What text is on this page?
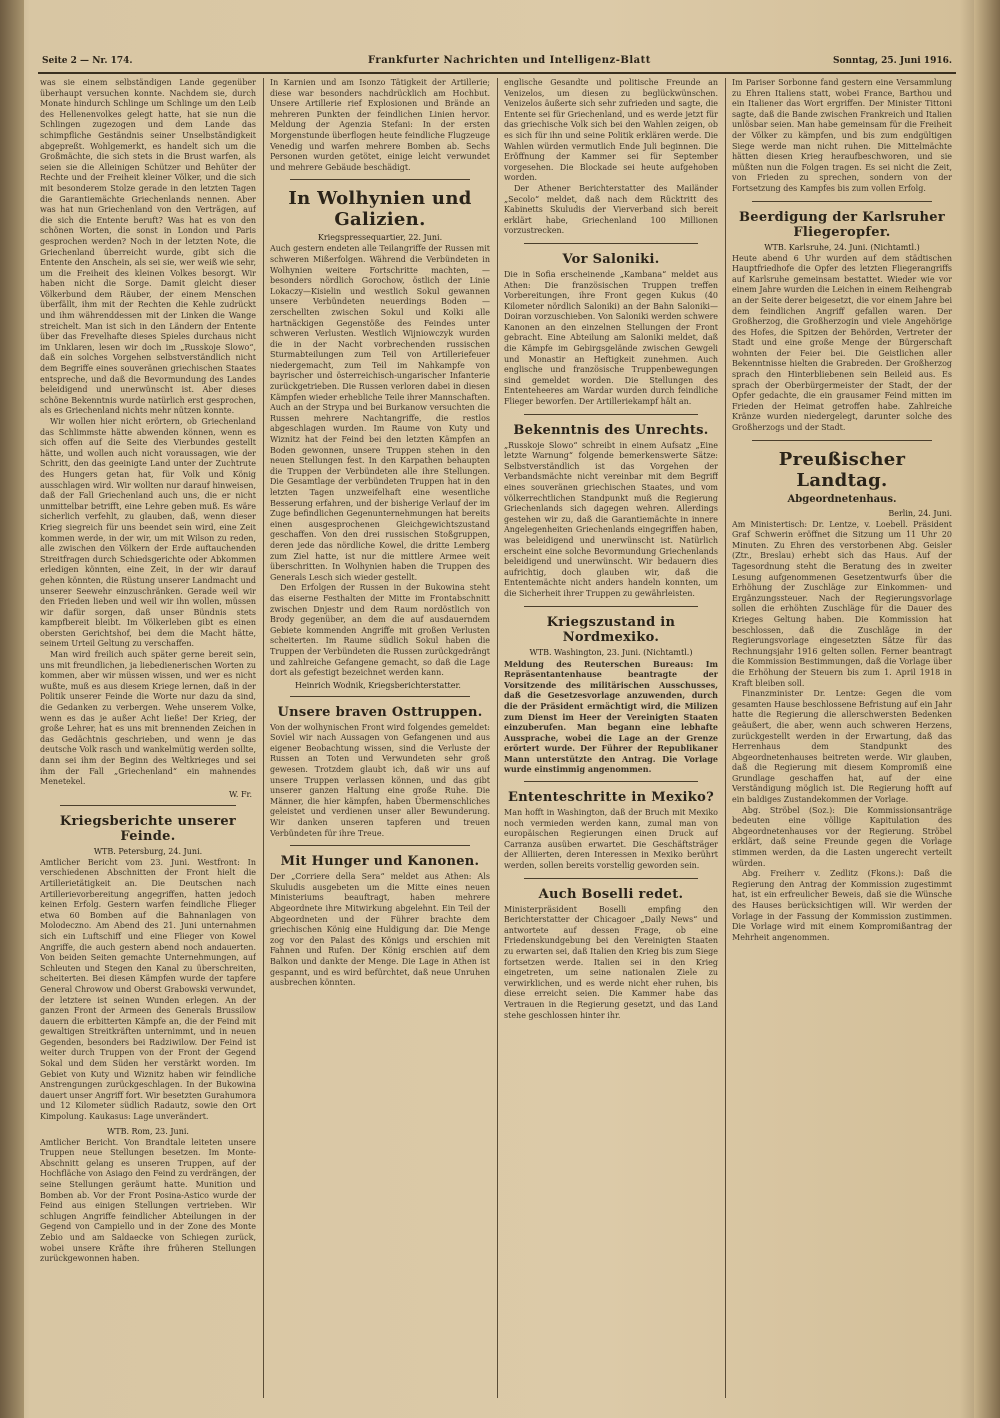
Seite 2 — Nr. 174.	Frankfurter Nachrichten und Intelligenz-Blatt	Sonntag, 25. Juni 1916.

was sie einem selbständigen Lande gegenüber überhaupt versuchen konnte. Nachdem sie, durch Monate hindurch Schlinge um Schlinge um den Leib des Hellenenvolkes gelegt hatte, hat sie nun die Schlingen zugezogen und dem Lande das schimpfliche Geständnis seiner Unselbständigkeit abgepreßt. Wohlgemerkt, es handelt sich um die Großmächte, die sich stets in die Brust warfen, als seien sie die Alleinigen Schützer und Behüter der Rechte und der Freiheit kleiner Völker, und die sich mit besonderem Stolze gerade in den letzten Tagen die Garantiemächte Griechenlands nennen. Aber was hat nun Griechenland von den Verträgen, auf die sich die Entente beruft? Was hat es von den schönen Worten, die sonst in London und Paris gesprochen werden? Noch in der letzten Note, die Griechenland überreicht wurde, gibt sich die Entente den Anschein, als sei sie, wer weiß wie sehr, um die Freiheit des kleinen Volkes besorgt. Wir haben nicht die Sorge. Damit gleicht dieser Völkerbund dem Räuber, der einem Menschen überfällt, ihm mit der Rechten die Kehle zudrückt und ihm währenddessen mit der Linken die Wange streichelt. Man ist sich in den Ländern der Entente über das Frevelhafte dieses Spieles durchaus nicht im Unklaren, lesen wir doch im „Russkoje Slowo“, daß ein solches Vorgehen selbstverständlich nicht dem Begriffe eines souveränen griechischen Staates entspreche, und daß die Bevormundung des Landes beleidigend und unerwünscht ist. Aber dieses schöne Bekenntnis wurde natürlich erst gesprochen, als es Griechenland nichts mehr nützen konnte.

Wir wollen hier nicht erörtern, ob Griechenland das Schlimmste hätte abwenden können, wenn es sich offen auf die Seite des Vierbundes gestellt hätte, und wollen auch nicht voraussagen, wie der Schritt, den das geeinigte Land unter der Zuchtrute des Hungers getan hat, für Volk und König ausschlagen wird. Wir wollten nur darauf hinweisen, daß der Fall Griechenland auch uns, die er nicht unmittelbar betrifft, eine Lehre geben muß. Es wäre sicherlich verfehlt, zu glauben, daß, wenn dieser Krieg siegreich für uns beendet sein wird, eine Zeit kommen werde, in der wir, um mit Wilson zu reden, alle zwischen den Völkern der Erde auftauchenden Streitfragen durch Schiedsgerichte oder Abkommen erledigen könnten, eine Zeit, in der wir darauf gehen könnten, die Rüstung unserer Landmacht und unserer Seewehr einzuschränken. Gerade weil wir den Frieden lieben und weil wir ihn wollen, müssen wir dafür sorgen, daß unser Bündnis stets kampfbereit bleibt. Im Völkerleben gibt es einen obersten Gerichtshof, bei dem die Macht hätte, seinem Urteil Geltung zu verschaffen.

Man wird freilich auch später gerne bereit sein, uns mit freundlichen, ja liebedienerischen Worten zu kommen, aber wir müssen wissen, und wer es nicht wußte, muß es aus diesem Kriege lernen, daß in der Politik unserer Feinde die Worte nur dazu da sind, die Gedanken zu verbergen. Wehe unserem Volke, wenn es das je außer Acht ließe! Der Krieg, der große Lehrer, hat es uns mit brennenden Zeichen in das Gedächtnis geschrieben, und wenn je das deutsche Volk rasch und wankelmütig werden sollte, dann sei ihm der Beginn des Weltkrieges und sei ihm der Fall „Griechenland“ ein mahnendes Menetekel.

W. Fr.
Kriegsberichte unserer Feinde.
WTB. Petersburg, 24. Juni.

Amtlicher Bericht vom 23. Juni. Westfront: In verschiedenen Abschnitten der Front hielt die Artillerietätigkeit an. Die Deutschen nach Artillerievorbereitung angegriffen, hatten jedoch keinen Erfolg. Gestern warfen feindliche Flieger etwa 60 Bomben auf die Bahnanlagen von Molodeczno. Am Abend des 21. Juni unternahmen sich ein Luftschiff und eine Flieger von Kowel Angriffe, die auch gestern abend noch andauerten. Von beiden Seiten gemachte Unternehmungen, auf Schleuten und Stegen den Kanal zu überschreiten, scheiterten. Bei diesen Kämpfen wurde der tapfere General Chrowow und Oberst Grabowski verwundet, der letztere ist seinen Wunden erlegen. An der ganzen Front der Armeen des Generals Brussilow dauern die erbitterten Kämpfe an, die der Feind mit gewaltigen Streitkräften unternimmt, und in neuen Gegenden, besonders bei Radziwilow. Der Feind ist weiter durch Truppen von der Front der Gegend Sokal und dem Süden her verstärkt worden. Im Gebiet von Kuty und Wiznitz haben wir feindliche Anstrengungen zurückgeschlagen. In der Bukowina dauert unser Angriff fort. Wir besetzten Gurahumora und 12 Kilometer südlich Radautz, sowie den Ort Kimpolung. Kaukasus: Lage unverändert.

WTB. Rom, 23. Juni.

Amtlicher Bericht. Von Brandtale leiteten unsere Truppen neue Stellungen besetzen. Im Monte-Abschnitt gelang es unseren Truppen, auf der Hochfläche von Asiago den Feind zu verdrängen, der seine Stellungen geräumt hatte. Munition und Bomben ab. Vor der Front Posina-Astico wurde der Feind aus einigen Stellungen vertrieben. Wir schlugen Angriffe feindlicher Abteilungen in der Gegend von Campiello und in der Zone des Monte Zebio und am Saldaecke von Schiegen zurück, wobei unsere Kräfte ihre früheren Stellungen zurückgewonnen haben.

In Karnien und am Isonzo Tätigkeit der Artillerie; diese war besonders nachdrücklich am Hochbut. Unsere Artillerie rief Explosionen und Brände an mehreren Punkten der feindlichen Linien hervor. Meldung der Agenzia Stefani: In der ersten Morgenstunde überflogen heute feindliche Flugzeuge Venedig und warfen mehrere Bomben ab. Sechs Personen wurden getötet, einige leicht verwundet und mehrere Gebäude beschädigt.

In Wolhynien und Galizien.
Kriegspressequartier, 22. Juni.

Auch gestern endeten alle Teilangriffe der Russen mit schweren Mißerfolgen. Während die Verbündeten in Wolhynien weitere Fortschritte machten, — besonders nördlich Gorochow, östlich der Linie Lokaczy—Kisielin und westlich Sokul gewannen unsere Verbündeten neuerdings Boden — zerschellten zwischen Sokul und Kolki alle hartnäckigen Gegenstöße des Feindes unter schweren Verlusten. Westlich Wijniowczyk wurden die in der Nacht vorbrechenden russischen Sturmabteilungen zum Teil von Artilleriefeuer niedergemacht, zum Teil im Nahkampfe von bayrischer und österreichisch-ungarischer Infanterie zurückgetrieben. Die Russen verloren dabei in diesen Kämpfen wieder erhebliche Teile ihrer Mannschaften. Auch an der Strypa und bei Burkanow versuchten die Russen mehrere Nachtangriffe, die restlos abgeschlagen wurden. Im Raume von Kuty und Wiznitz hat der Feind bei den letzten Kämpfen an Boden gewonnen, unsere Truppen stehen in den neuen Stellungen fest. In den Karpathen behaupten die Truppen der Verbündeten alle ihre Stellungen. Die Gesamtlage der verbündeten Truppen hat in den letzten Tagen unzweifelhaft eine wesentliche Besserung erfahren, und der bisherige Verlauf der im Zuge befindlichen Gegenunternehmungen hat bereits einen ausgesprochenen Gleichgewichtszustand geschaffen. Von den drei russischen Stoßgruppen, deren jede das nördliche Kowel, die dritte Lemberg zum Ziel hatte, ist nur die mittlere Armee weit überschritten. In Wolhynien haben die Truppen des Generals Lesch sich wieder gestellt.

Den Erfolgen der Russen in der Bukowina steht das eiserne Festhalten der Mitte im Frontabschnitt zwischen Dnjestr und dem Raum nordöstlich von Brody gegenüber, an dem die auf ausdauerndem Gebiete kommenden Angriffe mit großen Verlusten scheiterten. Im Raume südlich Sokul haben die Truppen der Verbündeten die Russen zurückgedrängt und zahlreiche Gefangene gemacht, so daß die Lage dort als gefestigt bezeichnet werden kann.

Heinrich Wodnik, Kriegsberichterstatter.
Unsere braven Osttruppen.

Von der wolhynischen Front wird folgendes gemeldet: Soviel wir nach Aussagen von Gefangenen und aus eigener Beobachtung wissen, sind die Verluste der Russen an Toten und Verwundeten sehr groß gewesen. Trotzdem glaubt ich, daß wir uns auf unsere Truppen verlassen können, und das gibt unserer ganzen Haltung eine große Ruhe. Die Männer, die hier kämpfen, haben Übermenschliches geleistet und verdienen unser aller Bewunderung. Wir danken unseren tapferen und treuen Verbündeten für ihre Treue.

Mit Hunger und Kanonen.

Der „Corriere della Sera“ meldet aus Athen: Als Skuludis ausgebeten um die Mitte eines neuen Ministeriums beauftragt, haben mehrere Abgeordnete ihre Mitwirkung abgelehnt. Ein Teil der Abgeordneten und der Führer brachte dem griechischen König eine Huldigung dar. Die Menge zog vor den Palast des Königs und erschien mit Fahnen und Rufen. Der König erschien auf dem Balkon und dankte der Menge. Die Lage in Athen ist gespannt, und es wird befürchtet, daß neue Unruhen ausbrechen könnten.

englische Gesandte und politische Freunde an Venizelos, um diesen zu beglückwünschen. Venizelos äußerte sich sehr zufrieden und sagte, die Entente sei für Griechenland, und es werde jetzt für das griechische Volk sich bei den Wahlen zeigen, ob es sich für ihn und seine Politik erklären werde. Die Wahlen würden vermutlich Ende Juli beginnen. Die Eröffnung der Kammer sei für September vorgesehen. Die Blockade sei heute aufgehoben worden.

Der Athener Berichterstatter des Mailänder „Secolo“ meldet, daß nach dem Rücktritt des Kabinetts Skuludis der Vierverband sich bereit erklärt habe, Griechenland 100 Millionen vorzustrecken.

Vor Saloniki.

Die in Sofia erscheinende „Kambana“ meldet aus Athen: Die französischen Truppen treffen Vorbereitungen, ihre Front gegen Kukus (40 Kilometer nördlich Saloniki) an der Bahn Saloniki—Doiran vorzuschieben. Von Saloniki werden schwere Kanonen an den einzelnen Stellungen der Front gebracht. Eine Abteilung am Saloniki meldet, daß die Kämpfe im Gebirgsgelände zwischen Gewgeli und Monastir an Heftigkeit zunehmen. Auch englische und französische Truppenbewegungen sind gemeldet worden. Die Stellungen des Ententeheeres am Wardar wurden durch feindliche Flieger beworfen. Der Artilleriekampf hält an.

Bekenntnis des Unrechts.

„Russkoje Slowo“ schreibt in einem Aufsatz „Eine letzte Warnung“ folgende bemerkenswerte Sätze: Selbstverständlich ist das Vorgehen der Verbandsmächte nicht vereinbar mit dem Begriff eines souveränen griechischen Staates, und vom völkerrechtlichen Standpunkt muß die Regierung Griechenlands sich dagegen wehren. Allerdings gestehen wir zu, daß die Garantiemächte in innere Angelegenheiten Griechenlands eingegriffen haben, was beleidigend und unerwünscht ist. Natürlich erscheint eine solche Bevormundung Griechenlands beleidigend und unerwünscht. Wir bedauern dies aufrichtig, doch glauben wir, daß die Ententemächte nicht anders handeln konnten, um die Sicherheit ihrer Truppen zu gewährleisten.

Kriegszustand in Nordmexiko.
WTB. Washington, 23. Juni. (Nichtamtl.)

Meldung des Reuterschen Bureaus: Im Repräsentantenhause beantragte der Vorsitzende des militärischen Ausschusses, daß die Gesetzesvorlage anzuwenden, durch die der Präsident ermächtigt wird, die Milizen zum Dienst im Heer der Vereinigten Staaten einzuberufen. Man begann eine lebhafte Aussprache, wobei die Lage an der Grenze erörtert wurde. Der Führer der Republikaner Mann unterstützte den Antrag. Die Vorlage wurde einstimmig angenommen.

Ententeschritte in Mexiko?

Man hofft in Washington, daß der Bruch mit Mexiko noch vermieden werden kann, zumal man von europäischen Regierungen einen Druck auf Carranza ausüben erwartet. Die Geschäftsträger der Alliierten, deren Interessen in Mexiko berührt werden, sollen bereits vorstellig geworden sein.

Auch Boselli redet.

Ministerpräsident Boselli empfing den Berichterstatter der Chicagoer „Daily News“ und antwortete auf dessen Frage, ob eine Friedenskundgebung bei den Vereinigten Staaten zu erwarten sei, daß Italien den Krieg bis zum Siege fortsetzen werde. Italien sei in den Krieg eingetreten, um seine nationalen Ziele zu verwirklichen, und es werde nicht eher ruhen, bis diese erreicht seien. Die Kammer habe das Vertrauen in die Regierung gesetzt, und das Land stehe geschlossen hinter ihr.

Im Pariser Sorbonne fand gestern eine Versammlung zu Ehren Italiens statt, wobei France, Barthou und ein Italiener das Wort ergriffen. Der Minister Tittoni sagte, daß die Bande zwischen Frankreich und Italien unlösbar seien. Man habe gemeinsam für die Freiheit der Völker zu kämpfen, und bis zum endgültigen Siege werde man nicht ruhen. Die Mittelmächte hätten diesen Krieg heraufbeschworen, und sie müßten nun die Folgen tragen. Es sei nicht die Zeit, von Frieden zu sprechen, sondern von der Fortsetzung des Kampfes bis zum vollen Erfolg.

Beerdigung der Karlsruher Fliegeropfer.
WTB. Karlsruhe, 24. Juni. (Nichtamtl.)

Heute abend 6 Uhr wurden auf dem städtischen Hauptfriedhofe die Opfer des letzten Fliegerangriffs auf Karlsruhe gemeinsam bestattet. Wieder wie vor einem Jahre wurden die Leichen in einem Reihengrab an der Seite derer beigesetzt, die vor einem Jahre bei dem feindlichen Angriff gefallen waren. Der Großherzog, die Großherzogin und viele Angehörige des Hofes, die Spitzen der Behörden, Vertreter der Stadt und eine große Menge der Bürgerschaft wohnten der Feier bei. Die Geistlichen aller Bekenntnisse hielten die Grabreden. Der Großherzog sprach den Hinterbliebenen sein Beileid aus. Es sprach der Oberbürgermeister der Stadt, der der Opfer gedachte, die ein grausamer Feind mitten im Frieden der Heimat getroffen habe. Zahlreiche Kränze wurden niedergelegt, darunter solche des Großherzogs und der Stadt.

Preußischer Landtag.
Abgeordnetenhaus.
Berlin, 24. Juni.

Am Ministertisch: Dr. Lentze, v. Loebell. Präsident Graf Schwerin eröffnet die Sitzung um 11 Uhr 20 Minuten. Zu Ehren des verstorbenen Abg. Geisler (Ztr., Breslau) erhebt sich das Haus. Auf der Tagesordnung steht die Beratung des in zweiter Lesung aufgenommenen Gesetzentwurfs über die Erhöhung der Zuschläge zur Einkommen- und Ergänzungssteuer. Nach der Regierungsvorlage sollen die erhöhten Zuschläge für die Dauer des Krieges Geltung haben. Die Kommission hat beschlossen, daß die Zuschläge in der Regierungsvorlage eingesetzten Sätze für das Rechnungsjahr 1916 gelten sollen. Ferner beantragt die Kommission Bestimmungen, daß die Vorlage über die Erhöhung der Steuern bis zum 1. April 1918 in Kraft bleiben soll.

Finanzminister Dr. Lentze: Gegen die vom gesamten Hause beschlossene Befristung auf ein Jahr hatte die Regierung die allerschwersten Bedenken geäußert, die aber, wenn auch schweren Herzens, zurückgestellt werden in der Erwartung, daß das Herrenhaus dem Standpunkt des Abgeordnetenhauses beitreten werde. Wir glauben, daß die Regierung mit diesem Kompromiß eine Grundlage geschaffen hat, auf der eine Verständigung möglich ist. Die Regierung hofft auf ein baldiges Zustandekommen der Vorlage.

Abg. Ströbel (Soz.): Die Kommissionsanträge bedeuten eine völlige Kapitulation des Abgeordnetenhauses vor der Regierung. Ströbel erklärt, daß seine Freunde gegen die Vorlage stimmen werden, da die Lasten ungerecht verteilt würden.

Abg. Freiherr v. Zedlitz (Fkons.): Daß die Regierung den Antrag der Kommission zugestimmt hat, ist ein erfreulicher Beweis, daß sie die Wünsche des Hauses berücksichtigen will. Wir werden der Vorlage in der Fassung der Kommission zustimmen. Die Vorlage wird mit einem Kompromißantrag der Mehrheit angenommen.
